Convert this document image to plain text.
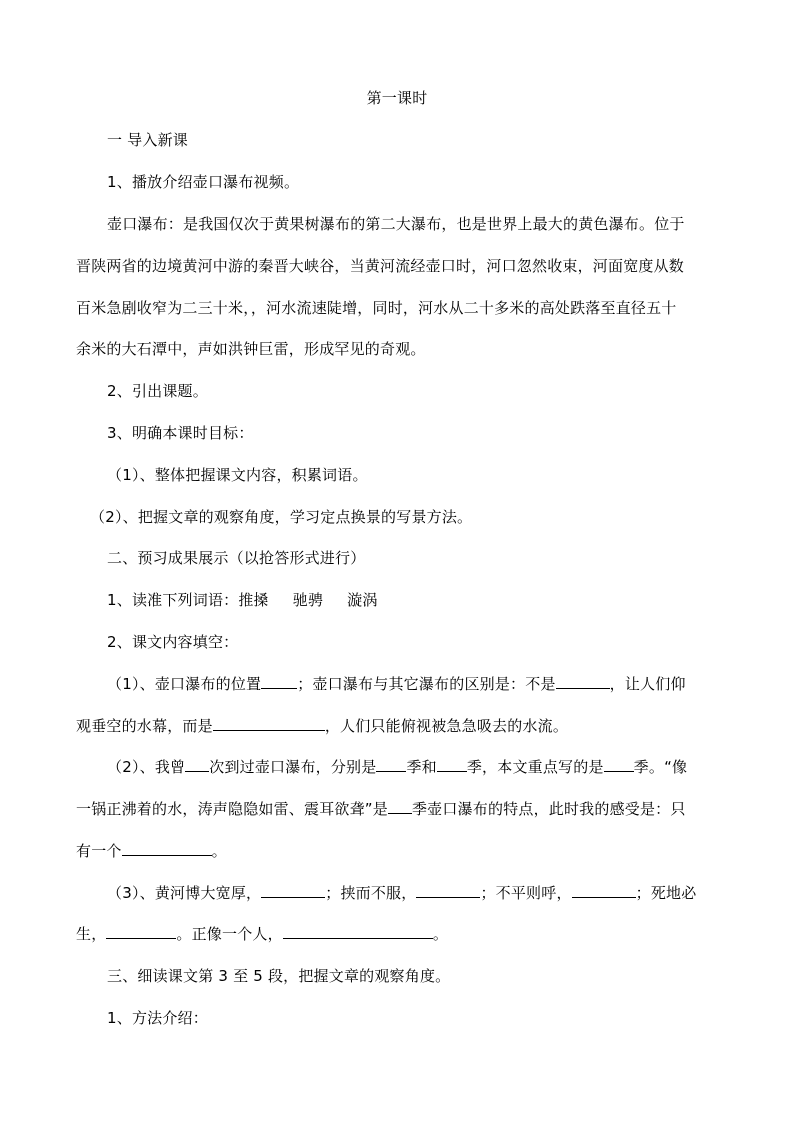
第一课时
一 导入新课
1、播放介绍壶口瀑布视频。
壶口瀑布：是我国仅次于黄果树瀑布的第二大瀑布，也是世界上最大的黄色瀑布。位于
晋陕两省的边境黄河中游的秦晋大峡谷，当黄河流经壶口时，河口忽然收束，河面宽度从数
百米急剧收窄为二三十米，，河水流速陡增，同时，河水从二十多米的高处跌落至直径五十
余米的大石潭中，声如洪钟巨雷，形成罕见的奇观。
2、引出课题。
3、明确本课时目标：
（1）、整体把握课文内容，积累词语。
（2）、把握文章的观察角度，学习定点换景的写景方法。
二、预习成果展示（以抢答形式进行）
1、读准下列词语：推搡 驰骋 漩涡
2、课文内容填空：
（1）、壶口瀑布的位置 ；壶口瀑布与其它瀑布的区别是：不是	，让人们仰
观垂空的水幕，而是	，人们只能俯视被急急吸去的水流。
（2）、我曾 次到过壶口瀑布，分别是 季和 季，本文重点写的是 季。“像
一锅正沸着的水，涛声隐隐如雷、震耳欲聋”是 季壶口瀑布的特点，此时我的感受是：只
有一个	。
（3）、黄河博大宽厚，	；挟而不服，	；不平则呼，	；死地必
生，	。正像一个人，	。
三、细读课文第 3 至 5 段，把握文章的观察角度。
1、方法介绍：
